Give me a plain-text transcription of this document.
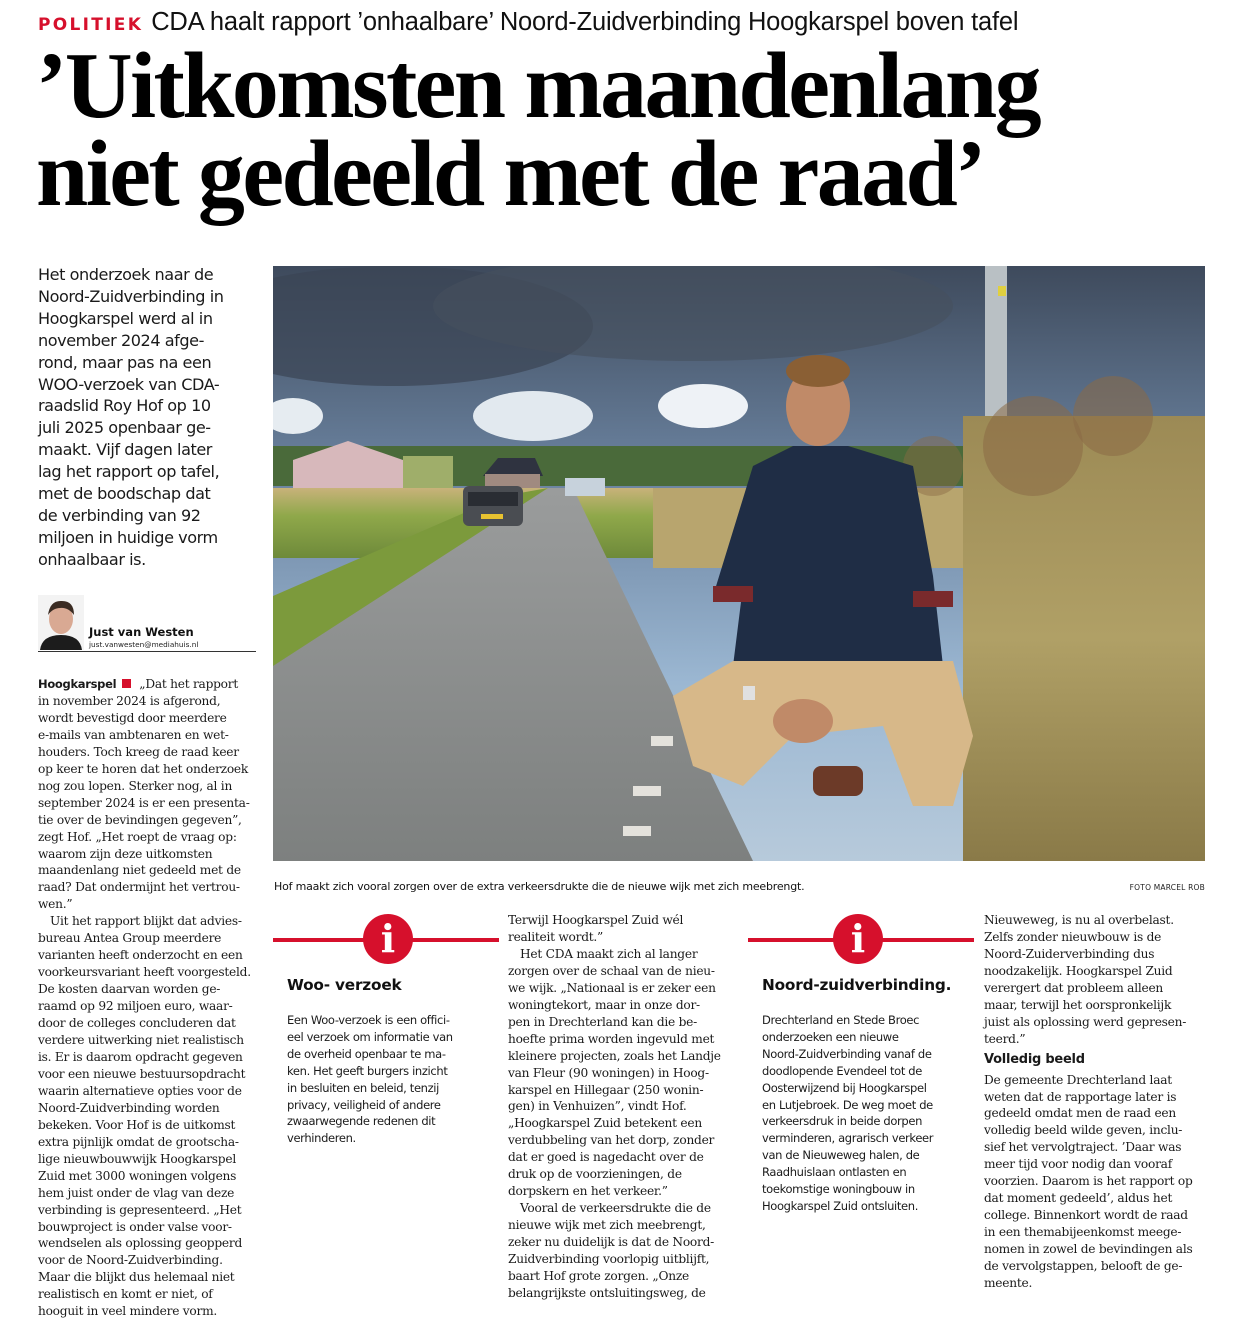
POLITIEK CDA haalt rapport ’onhaalbare’ Noord-Zuidverbinding Hoogkarspel boven tafel
’Uitkomsten maandenlang
niet gedeeld met de raad’
Het onderzoek naar de
Noord-Zuidverbinding in
Hoogkarspel werd al in
november 2024 afge-
rond, maar pas na een
WOO-verzoek van CDA-
raadslid Roy Hof op 10
juli 2025 openbaar ge-
maakt. Vijf dagen later
lag het rapport op tafel,
met de boodschap dat
de verbinding van 92
miljoen in huidige vorm
onhaalbaar is.
Hof maakt zich vooral zorgen over de extra verkeersdrukte die de nieuwe wijk met zich meebrengt.	FOTO MARCEL ROB
Just van Westen
just.vanwesten@mediahuis.nl
Hoogkarspel „Dat het rapport
in november 2024 is afgerond,
wordt bevestigd door meerdere
e-mails van ambtenaren en wet-
houders. Toch kreeg de raad keer
op keer te horen dat het onderzoek
nog zou lopen. Sterker nog, al in
september 2024 is er een presenta-
tie over de bevindingen gegeven”,
zegt Hof. „Het roept de vraag op:
waarom zijn deze uitkomsten
maandenlang niet gedeeld met de
raad? Dat ondermijnt het vertrou-
wen.”
Uit het rapport blijkt dat advies-
bureau Antea Group meerdere
varianten heeft onderzocht en een
voorkeursvariant heeft voorgesteld.
De kosten daarvan worden ge-
raamd op 92 miljoen euro, waar-
door de colleges concluderen dat
verdere uitwerking niet realistisch
is. Er is daarom opdracht gegeven
voor een nieuwe bestuursopdracht
waarin alternatieve opties voor de
Noord-Zuidverbinding worden
bekeken. Voor Hof is de uitkomst
extra pijnlijk omdat de grootscha-
lige nieuwbouwwijk Hoogkarspel
Zuid met 3000 woningen volgens
hem juist onder de vlag van deze
verbinding is gepresenteerd. „Het
bouwproject is onder valse voor-
wendselen als oplossing geopperd
voor de Noord-Zuidverbinding.
Maar die blijkt dus helemaal niet
realistisch en komt er niet, of
hooguit in veel mindere vorm.
i
Woo- verzoek
Een Woo-verzoek is een offici-
eel verzoek om informatie van
de overheid openbaar te ma-
ken. Het geeft burgers inzicht
in besluiten en beleid, tenzij
privacy, veiligheid of andere
zwaarwegende redenen dit
verhinderen.
Terwijl Hoogkarspel Zuid wél
realiteit wordt.”
Het CDA maakt zich al langer
zorgen over de schaal van de nieu-
we wijk. „Nationaal is er zeker een
woningtekort, maar in onze dor-
pen in Drechterland kan die be-
hoefte prima worden ingevuld met
kleinere projecten, zoals het Landje
van Fleur (90 woningen) in Hoog-
karspel en Hillegaar (250 wonin-
gen) in Venhuizen”, vindt Hof.
„Hoogkarspel Zuid betekent een
verdubbeling van het dorp, zonder
dat er goed is nagedacht over de
druk op de voorzieningen, de
dorpskern en het verkeer.”
Vooral de verkeersdrukte die de
nieuwe wijk met zich meebrengt,
zeker nu duidelijk is dat de Noord-
Zuidverbinding voorlopig uitblijft,
baart Hof grote zorgen. „Onze
belangrijkste ontsluitingsweg, de
i
Noord-zuidverbinding.
Drechterland en Stede Broec
onderzoeken een nieuwe
Noord-Zuidverbinding vanaf de
doodlopende Evendeel tot de
Oosterwijzend bij Hoogkarspel
en Lutjebroek. De weg moet de
verkeersdruk in beide dorpen
verminderen, agrarisch verkeer
van de Nieuweweg halen, de
Raadhuislaan ontlasten en
toekomstige woningbouw in
Hoogkarspel Zuid ontsluiten.
Nieuweweg, is nu al overbelast.
Zelfs zonder nieuwbouw is de
Noord-Zuiderverbinding dus
noodzakelijk. Hoogkarspel Zuid
verergert dat probleem alleen
maar, terwijl het oorspronkelijk
juist als oplossing werd gepresen-
teerd.”
Volledig beeld
De gemeente Drechterland laat
weten dat de rapportage later is
gedeeld omdat men de raad een
volledig beeld wilde geven, inclu-
sief het vervolgtraject. ’Daar was
meer tijd voor nodig dan vooraf
voorzien. Daarom is het rapport op
dat moment gedeeld’, aldus het
college. Binnenkort wordt de raad
in een themabijeenkomst meege-
nomen in zowel de bevindingen als
de vervolgstappen, belooft de ge-
meente.
